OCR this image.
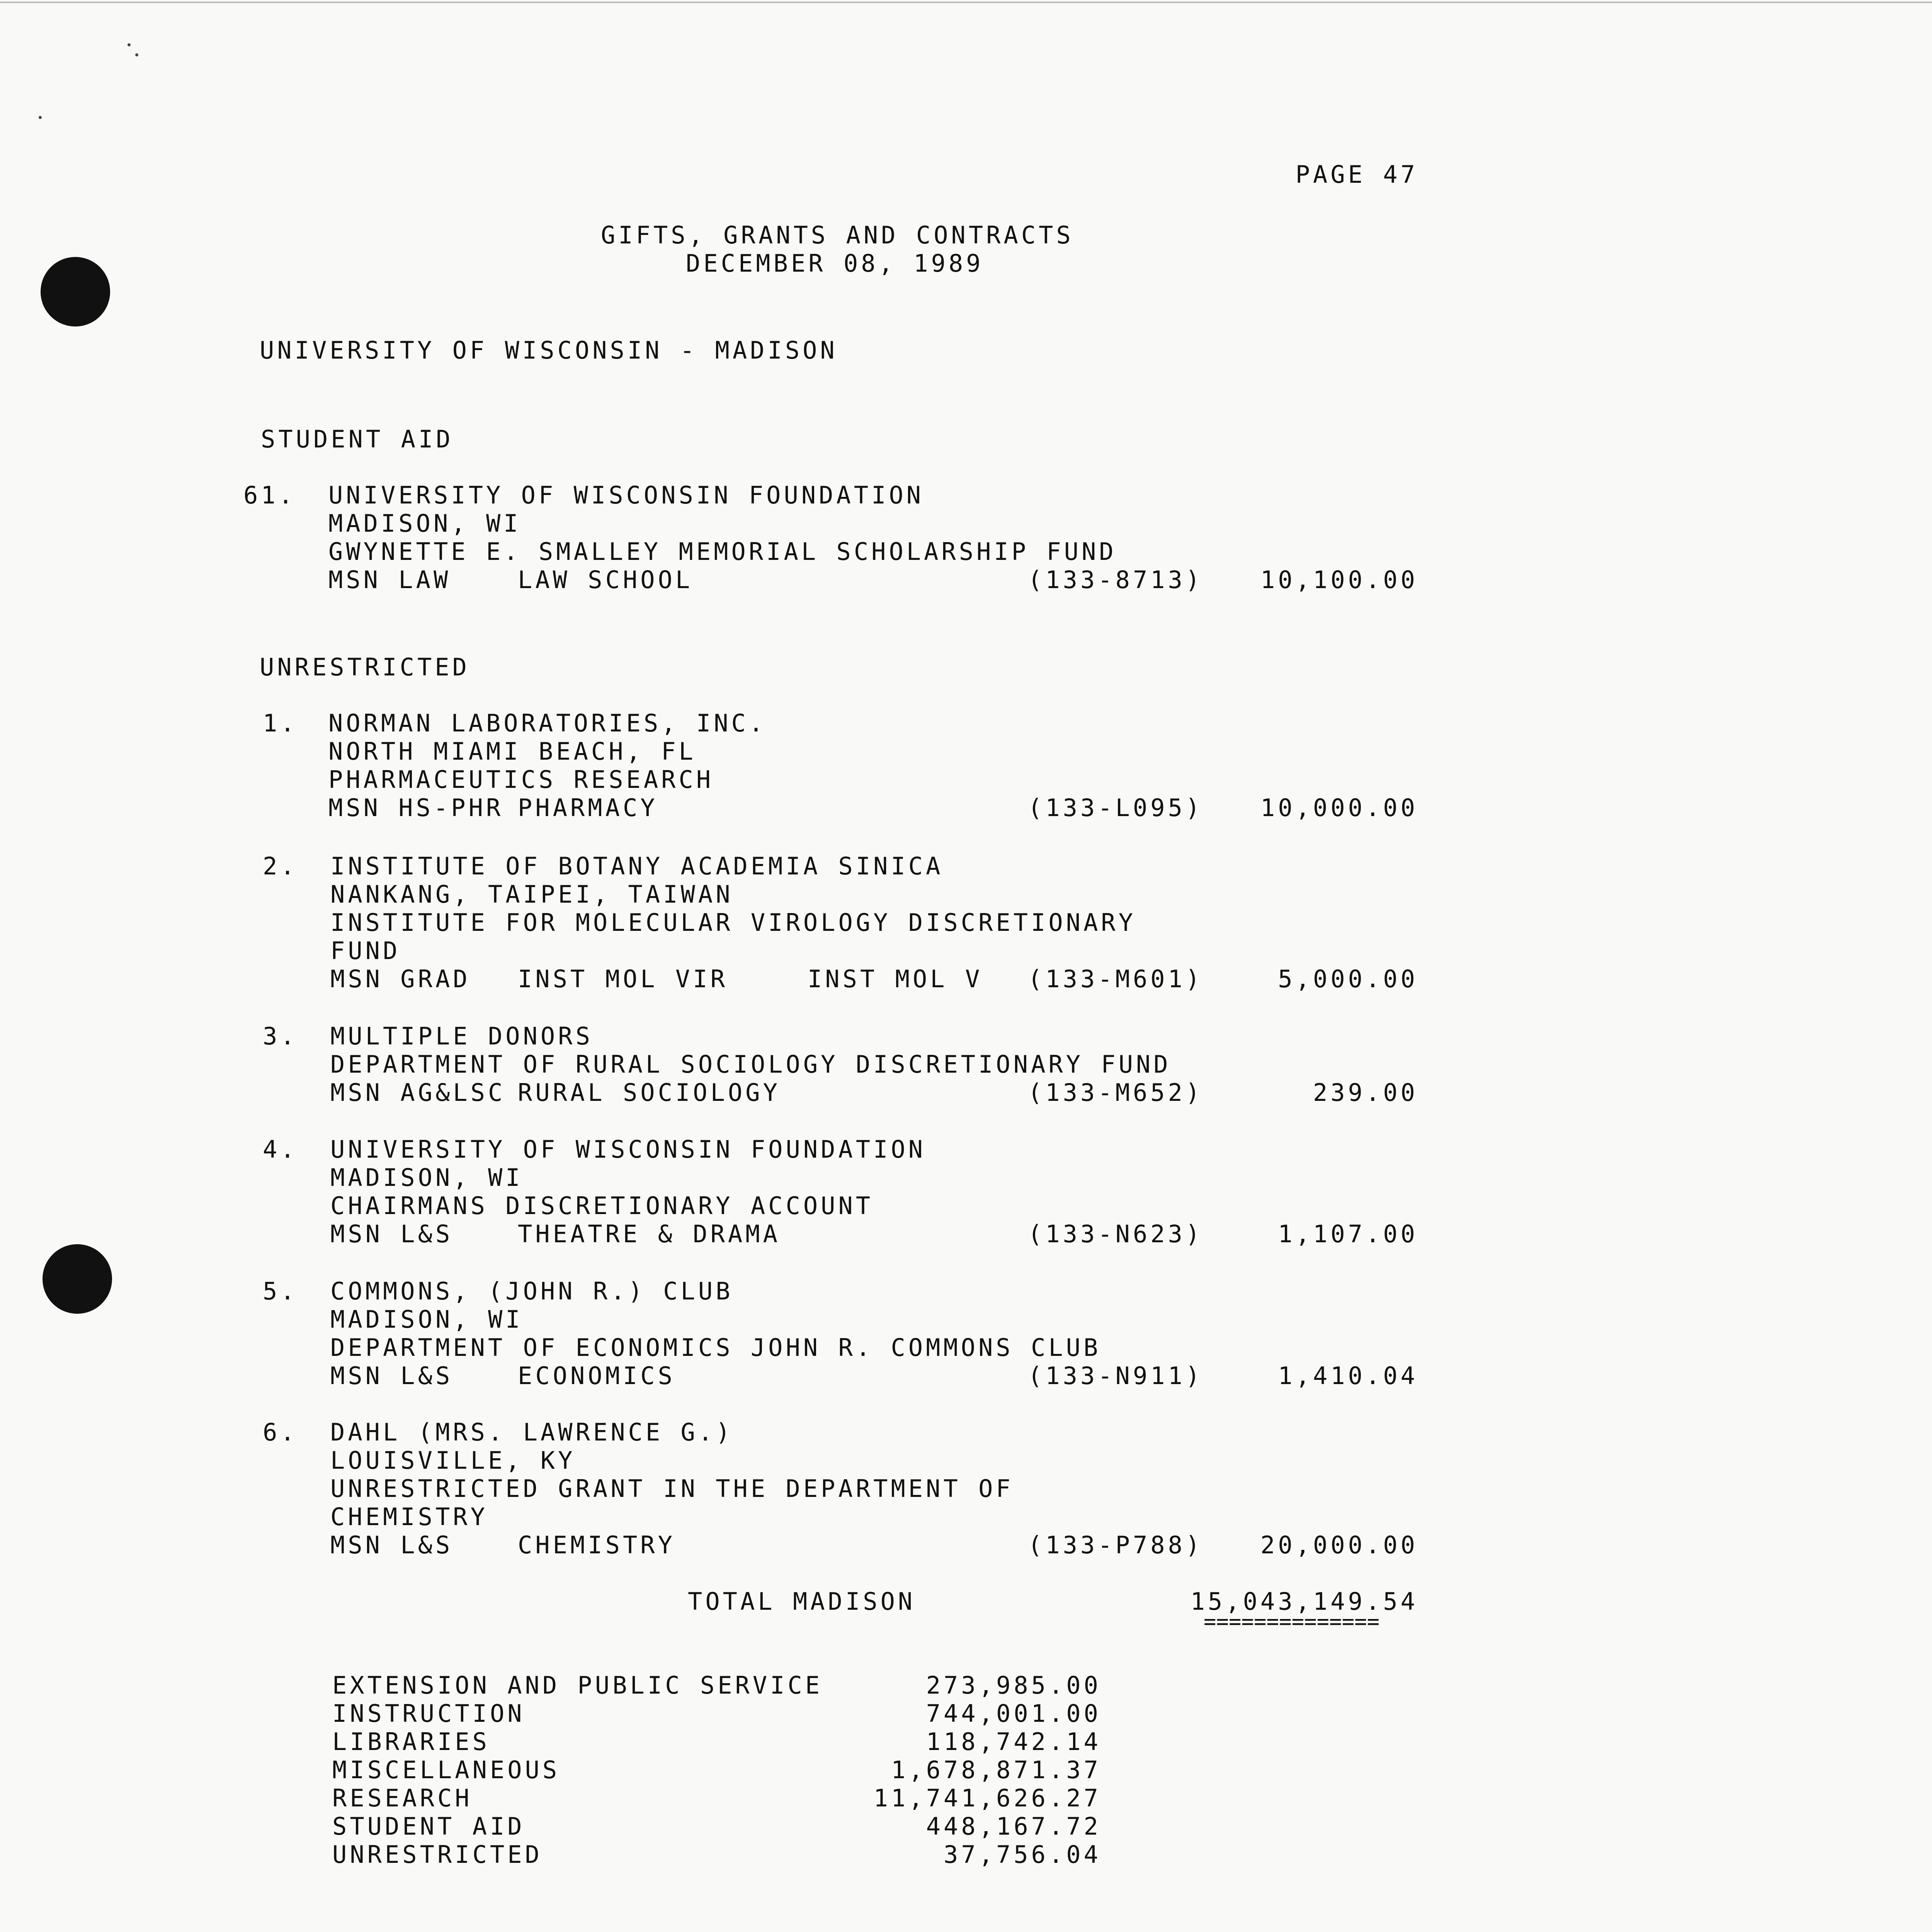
PAGE 47
GIFTS, GRANTS AND CONTRACTS
DECEMBER 08, 1989
UNIVERSITY OF WISCONSIN - MADISON
STUDENT AID
61. UNIVERSITY OF WISCONSIN FOUNDATION
MADISON, WI
GWYNETTE E. SMALLEY MEMORIAL SCHOLARSHIP FUND
MSN LAW	LAW SCHOOL	(133-8713)	10,100.00
UNRESTRICTED
1. NORMAN LABORATORIES, INC.
NORTH MIAMI BEACH, FL
PHARMACEUTICS RESEARCH
MSN HS-PHR PHARMACY	(133-L095)	10,000.00
2. INSTITUTE OF BOTANY ACADEMIA SINICA
NANKANG, TAIPEI, TAIWAN
INSTITUTE FOR MOLECULAR VIROLOGY DISCRETIONARY
FUND
MSN GRAD INST MOL VIR	INST MOL V (133-M601)	5,000.00
3. MULTIPLE DONORS
DEPARTMENT OF RURAL SOCIOLOGY DISCRETIONARY FUND
MSN AG&LSC RURAL SOCIOLOGY	(133-M652)	239.00
4. UNIVERSITY OF WISCONSIN FOUNDATION
MADISON, WI
CHAIRMANS DISCRETIONARY ACCOUNT
MSN L&S	THEATRE & DRAMA	(133-N623)	1,107.00
5. COMMONS, (JOHN R.) CLUB
MADISON, WI
DEPARTMENT OF ECONOMICS JOHN R. COMMONS CLUB
MSN L&S	ECONOMICS	(133-N911)	1,410.04
6. DAHL (MRS. LAWRENCE G.)
LOUISVILLE, KY
UNRESTRICTED GRANT IN THE DEPARTMENT OF
CHEMISTRY
MSN L&S	CHEMISTRY	(133-P788)	20,000.00
TOTAL MADISON	15,043,149.54
==============
EXTENSION AND PUBLIC SERVICE	273,985.00
INSTRUCTION	744,001.00
LIBRARIES	118,742.14
MISCELLANEOUS	1,678,871.37
RESEARCH	11,741,626.27
STUDENT AID	448,167.72
UNRESTRICTED	37,756.04
